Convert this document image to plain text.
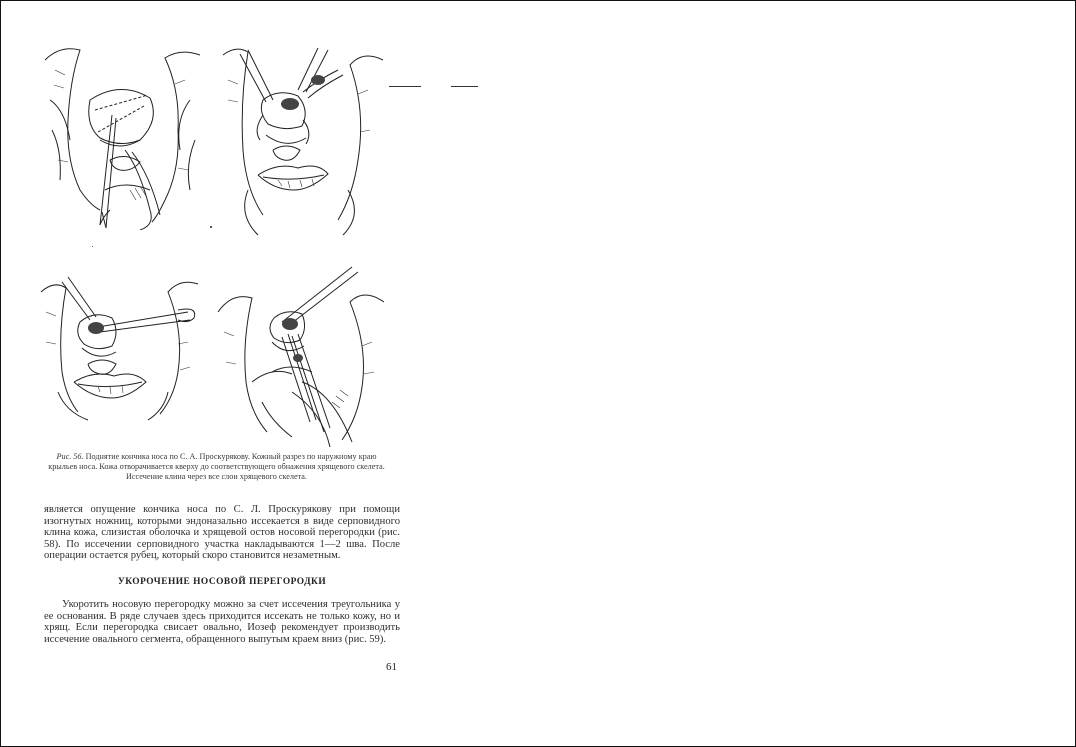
Рис. 56. Поднятие кончика носа по С. А. Проскурякову. Кожный разрез по наружному краю крыльев носа. Кожа отворачивается кверху до соответствующего обнажения хрящевого скелета. Иссечение клина через все слои хрящевого скелета.
является опущение кончика носа по С. Л. Проскурякову при помощи изогнутых ножниц, которыми эндоназально иссекается в виде серповидного клина кожа, слизистая оболочка и хрящевой остов носовой перегородки (рис. 58). По иссечении серповидного участка накладываются 1—2 шва. После операции остается рубец, который скоро становится незаметным.
УКОРОЧЕНИЕ НОСОВОЙ ПЕРЕГОРОДКИ
Укоротить носовую перегородку можно за счет иссечения треугольника у ее основания. В ряде случаев здесь приходится иссекать не только кожу, но и хрящ. Если перегородка свисает овально, Иозеф рекомендует производить иссечение овального сегмента, обращенного выпутым краем вниз (рис. 59).
61
